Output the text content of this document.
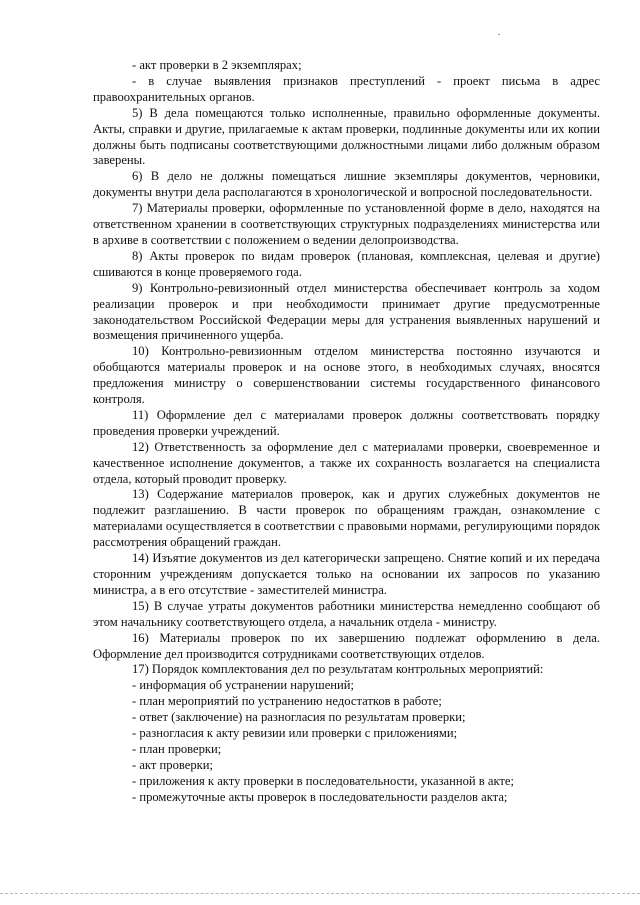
- акт проверки в 2 экземплярах;

- в случае выявления признаков преступлений - проект письма в адрес правоохранительных органов.

5) В дела помещаются только исполненные, правильно оформленные документы. Акты, справки и другие, прилагаемые к актам проверки, подлинные документы или их копии должны быть подписаны соответствующими должностными лицами либо должным образом заверены.

6) В дело не должны помещаться лишние экземпляры документов, черновики, документы внутри дела располагаются в хронологической и вопросной последовательности.

7) Материалы проверки, оформленные по установленной форме в дело, находятся на ответственном хранении в соответствующих структурных подразделениях министерства или в архиве в соответствии с положением о ведении делопроизводства.

8) Акты проверок по видам проверок (плановая, комплексная, целевая и другие) сшиваются в конце проверяемого года.

9) Контрольно-ревизионный отдел министерства обеспечивает контроль за ходом реализации проверок и при необходимости принимает другие предусмотренные законодательством Российской Федерации меры для устранения выявленных нарушений и возмещения причиненного ущерба.

10) Контрольно-ревизионным отделом министерства постоянно изучаются и обобщаются материалы проверок и на основе этого, в необходимых случаях, вносятся предложения министру о совершенствовании системы государственного финансового контроля.

11) Оформление дел с материалами проверок должны соответствовать порядку проведения проверки учреждений.

12) Ответственность за оформление дел с материалами проверки, своевременное и качественное исполнение документов, а также их сохранность возлагается на специалиста отдела, который проводит проверку.

13) Содержание материалов проверок, как и других служебных документов не подлежит разглашению. В части проверок по обращениям граждан, ознакомление с материалами осуществляется в соответствии с правовыми нормами, регулирующими порядок рассмотрения обращений граждан.

14) Изъятие документов из дел категорически запрещено. Снятие копий и их передача сторонним учреждениям допускается только на основании их запросов по указанию министра, а в его отсутствие - заместителей министра.

15) В случае утраты документов работники министерства немедленно сообщают об этом начальнику соответствующего отдела, а начальник отдела - министру.

16) Материалы проверок по их завершению подлежат оформлению в дела. Оформление дел производится сотрудниками соответствующих отделов.

17) Порядок комплектования дел по результатам контрольных мероприятий:

- информация об устранении нарушений;

- план мероприятий по устранению недостатков в работе;

- ответ (заключение) на разногласия по результатам проверки;

- разногласия к акту ревизии или проверки с приложениями;

- план проверки;

- акт проверки;

- приложения к акту проверки в последовательности, указанной в акте;

- промежуточные акты проверок в последовательности разделов акта;
